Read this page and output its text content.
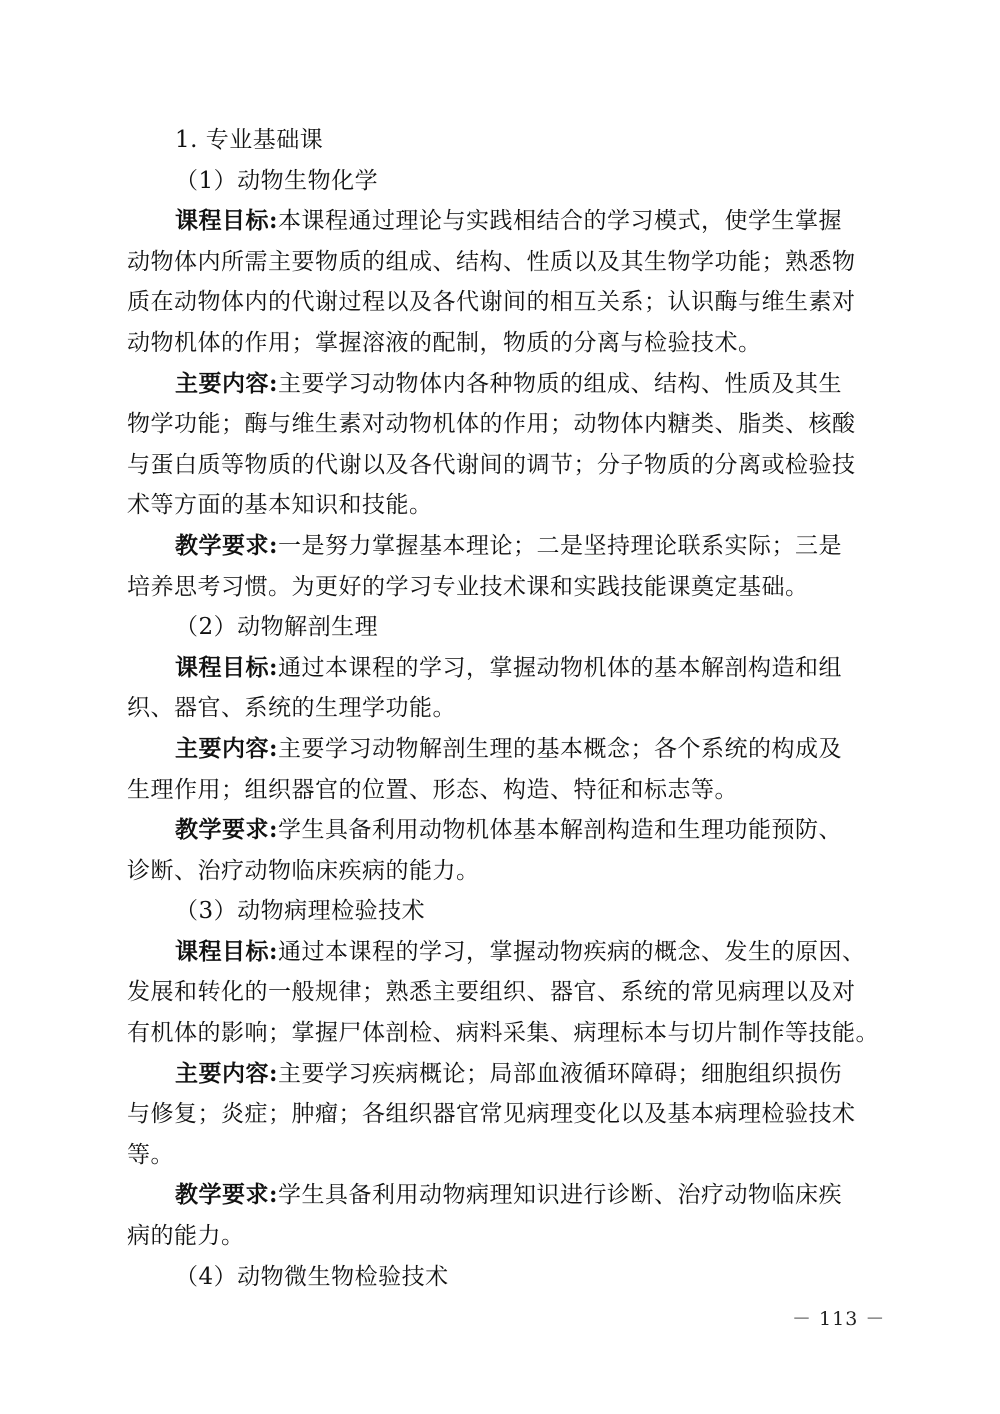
1. 专业基础课
（1）动物生物化学
课程目标:本课程通过理论与实践相结合的学习模式，使学生掌握
动物体内所需主要物质的组成、结构、性质以及其生物学功能；熟悉物
质在动物体内的代谢过程以及各代谢间的相互关系；认识酶与维生素对
动物机体的作用；掌握溶液的配制，物质的分离与检验技术。
主要内容:主要学习动物体内各种物质的组成、结构、性质及其生
物学功能；酶与维生素对动物机体的作用；动物体内糖类、脂类、核酸
与蛋白质等物质的代谢以及各代谢间的调节；分子物质的分离或检验技
术等方面的基本知识和技能。
教学要求:一是努力掌握基本理论；二是坚持理论联系实际；三是
培养思考习惯。为更好的学习专业技术课和实践技能课奠定基础。
（2）动物解剖生理
课程目标:通过本课程的学习，掌握动物机体的基本解剖构造和组
织、器官、系统的生理学功能。
主要内容:主要学习动物解剖生理的基本概念；各个系统的构成及
生理作用；组织器官的位置、形态、构造、特征和标志等。
教学要求:学生具备利用动物机体基本解剖构造和生理功能预防、
诊断、治疗动物临床疾病的能力。
（3）动物病理检验技术
课程目标:通过本课程的学习，掌握动物疾病的概念、发生的原因、
发展和转化的一般规律；熟悉主要组织、器官、系统的常见病理以及对
有机体的影响；掌握尸体剖检、病料采集、病理标本与切片制作等技能。
主要内容:主要学习疾病概论；局部血液循环障碍；细胞组织损伤
与修复；炎症；肿瘤；各组织器官常见病理变化以及基本病理检验技术
等。
教学要求:学生具备利用动物病理知识进行诊断、治疗动物临床疾
病的能力。
（4）动物微生物检验技术
－ 113 －
